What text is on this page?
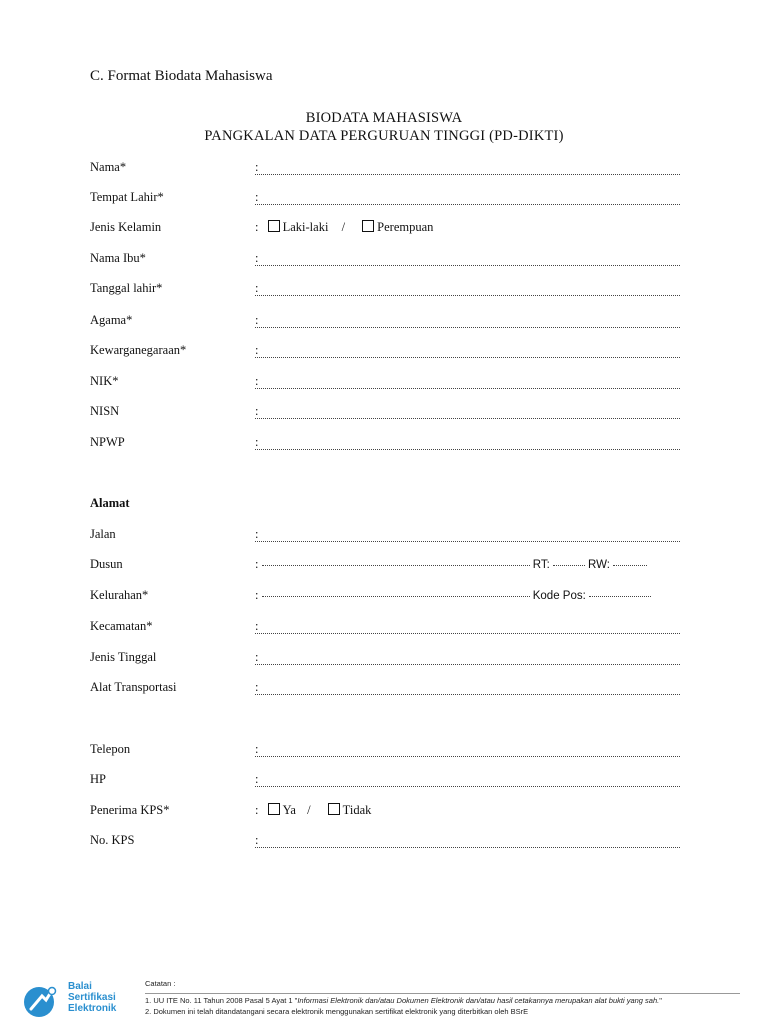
C. Format Biodata Mahasiswa
BIODATA MAHASISWA
PANGKALAN DATA PERGURUAN TINGGI (PD-DIKTI)
Nama*	:
Tempat Lahir*	:
Jenis Kelamin	: Laki-laki /	Perempuan
Nama Ibu*	:
Tanggal lahir*	:
Agama*	:
Kewarganegaraan*	:
NIK*	:
NISN	:
NPWP	:
Alamat
Jalan	:
Dusun	:	RT:	RW:
Kelurahan*	:	Kode Pos:
Kecamatan*	:
Jenis Tinggal	:
Alat Transportasi	:
Telepon	:
HP	:
Penerima KPS*	: Ya /	Tidak
No. KPS	:
Balai
Sertifikasi
Elektronik
Catatan :
1. UU ITE No. 11 Tahun 2008 Pasal 5 Ayat 1 "Informasi Elektronik dan/atau Dokumen Elektronik dan/atau hasil cetakannya merupakan alat bukti yang sah."
2. Dokumen ini telah ditandatangani secara elektronik menggunakan sertifikat elektronik yang diterbitkan oleh BSrE
